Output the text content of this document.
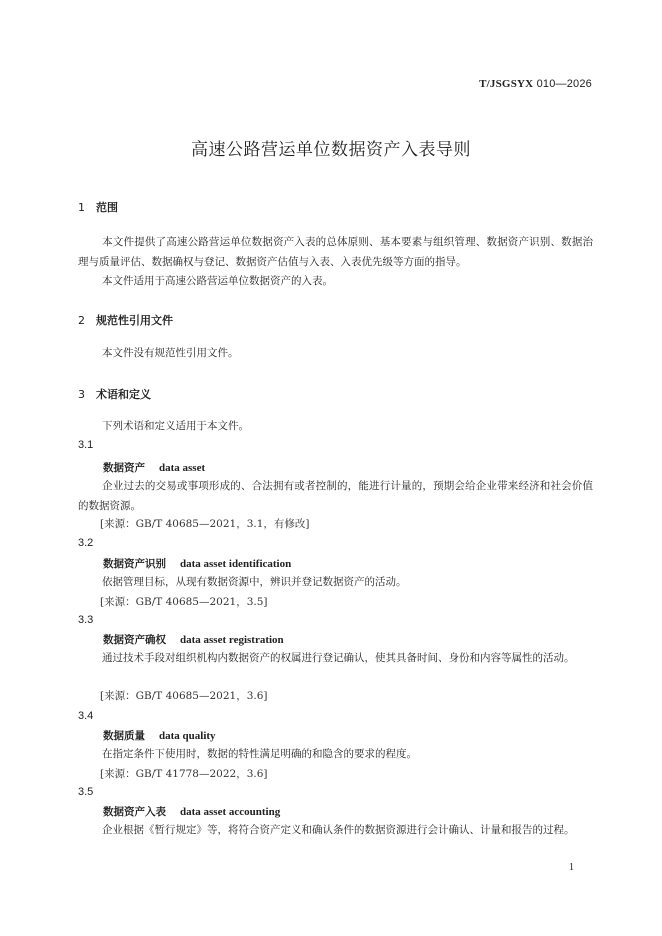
T/JSGSYX 010—2026
高速公路营运单位数据资产入表导则
1 范围
本文件提供了高速公路营运单位数据资产入表的总体原则、基本要素与组织管理、数据资产识别、数据治理与质量评估、数据确权与登记、数据资产估值与入表、入表优先级等方面的指导。
本文件适用于高速公路营运单位数据资产的入表。
2 规范性引用文件
本文件没有规范性引用文件。
3 术语和定义
下列术语和定义适用于本文件。
3.1
数据资产 data asset
企业过去的交易或事项形成的、合法拥有或者控制的，能进行计量的，预期会给企业带来经济和社会价值的数据资源。
[来源：GB/T 40685—2021，3.1，有修改]
3.2
数据资产识别 data asset identification
依据管理目标，从现有数据资源中，辨识并登记数据资产的活动。
[来源：GB/T 40685—2021，3.5]
3.3
数据资产确权 data asset registration
通过技术手段对组织机构内数据资产的权属进行登记确认，使其具备时间、身份和内容等属性的活动。
[来源：GB/T 40685—2021，3.6]
3.4
数据质量 data quality
在指定条件下使用时，数据的特性满足明确的和隐含的要求的程度。
[来源：GB/T 41778—2022，3.6]
3.5
数据资产入表 data asset accounting
企业根据《暂行规定》等，将符合资产定义和确认条件的数据资源进行会计确认、计量和报告的过程。
1
